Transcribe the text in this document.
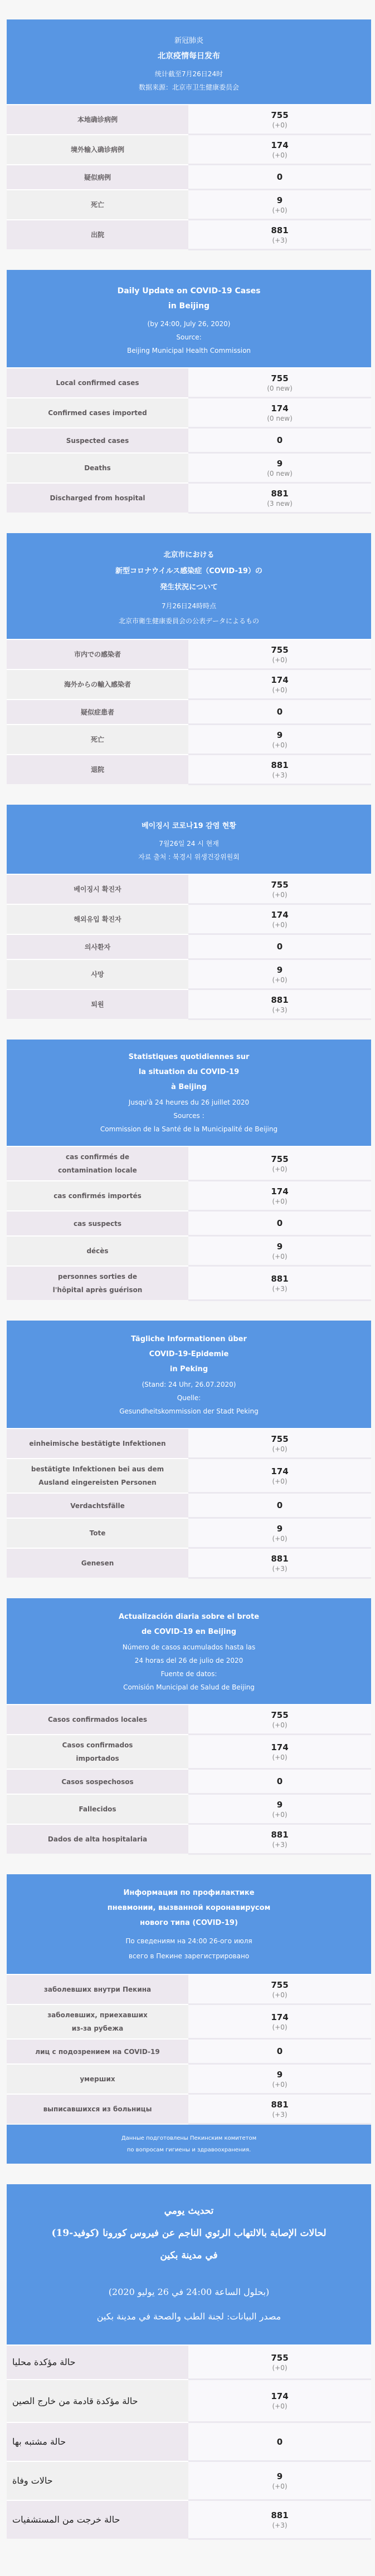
新冠肺炎
北京疫情每日发布
统计截至7月26日24时
数据来源：北京市卫生健康委员会
本地确诊病例	755
(+0)
境外输入确诊病例	174
(+0)
疑似病例	0
死亡	9
(+0)
出院	881
(+3)
Daily Update on COVID-19 Cases
in Beijing
(by 24:00, July 26, 2020)
Source:
Beijing Municipal Health Commission
Local confirmed cases	755
(0 new)
Confirmed cases imported	174
(0 new)
Suspected cases	0
Deaths	9
(0 new)
Discharged from hospital	881
(3 new)
北京市における
新型コロナウイルス感染症（COVID-19）の
発生状況について
7月26日24時時点
北京市衛生健康委員会の公表データによるもの
市内での感染者	755
(+0)
海外からの輸入感染者	174
(+0)
疑似症患者	0
死亡	9
(+0)
退院	881
(+3)
베이징시 코로나19 감염 현황
7월26일 24 시 현재
자료 출처 : 북경시 위생건강위원회
베이징시 확진자	755
(+0)
해외유입 확진자	174
(+0)
의사환자	0
사망	9
(+0)
퇴원	881
(+3)
Statistiques quotidiennes sur
la situation du COVID-19
à Beijing
Jusqu'à 24 heures du 26 juillet 2020
Sources :
Commission de la Santé de la Municipalité de Beijing
cas confirmés de
contamination locale
755
(+0)
cas confirmés importés	174
(+0)
cas suspects	0
décès	9
(+0)
personnes sorties de
l'hôpital après guérison
881
(+3)
Tägliche Informationen über
COVID-19-Epidemie
in Peking
(Stand: 24 Uhr, 26.07.2020)
Quelle:
Gesundheitskommission der Stadt Peking
einheimische bestätigte Infektionen	755
(+0)
bestätigte Infektionen bei aus dem
Ausland eingereisten Personen
174
(+0)
Verdachtsfälle	0
Tote	9
(+0)
Genesen	881
(+3)
Actualización diaria sobre el brote
de COVID-19 en Beijing
Número de casos acumulados hasta las
24 horas del 26 de julio de 2020
Fuente de datos:
Comisión Municipal de Salud de Beijing
Casos confirmados locales	755
(+0)
Casos confirmados
importados
174
(+0)
Casos sospechosos	0
Fallecidos	9
(+0)
Dados de alta hospitalaria	881
(+3)
Информация по профилактике
пневмонии, вызванной коронавирусом
нового типа (COVID-19)
По сведениям на 24:00 26-ого июля
всего в Пекине зарегистрировано
заболевших внутри Пекина	755
(+0)
заболевших, приехавших
из-за рубежа
174
(+0)
лиц с подозрением на COVID-19	0
умерших	9
(+0)
выписавшихся из больницы	881
(+3)
Данные подготовлены Пекинским комитетом
по вопросам гигиены и здравоохранения.
تحديث يومي
لحالات الإصابة بالالتهاب الرئوي الناجم عن فيروس كورونا (كوفيد-19)
في مدينة بكين
(بحلول الساعة 24:00 في 26 يوليو 2020)
مصدر البيانات: لجنة الطب والصحة في مدينة بكين
حالة مؤكدة محليا	755
(+0)
حالة مؤكدة قادمة من خارج الصين	174
(+0)
حالة مشتبه بها	0
حالات وفاة	9
(+0)
حالة خرجت من المستشفيات	881
(+3)
